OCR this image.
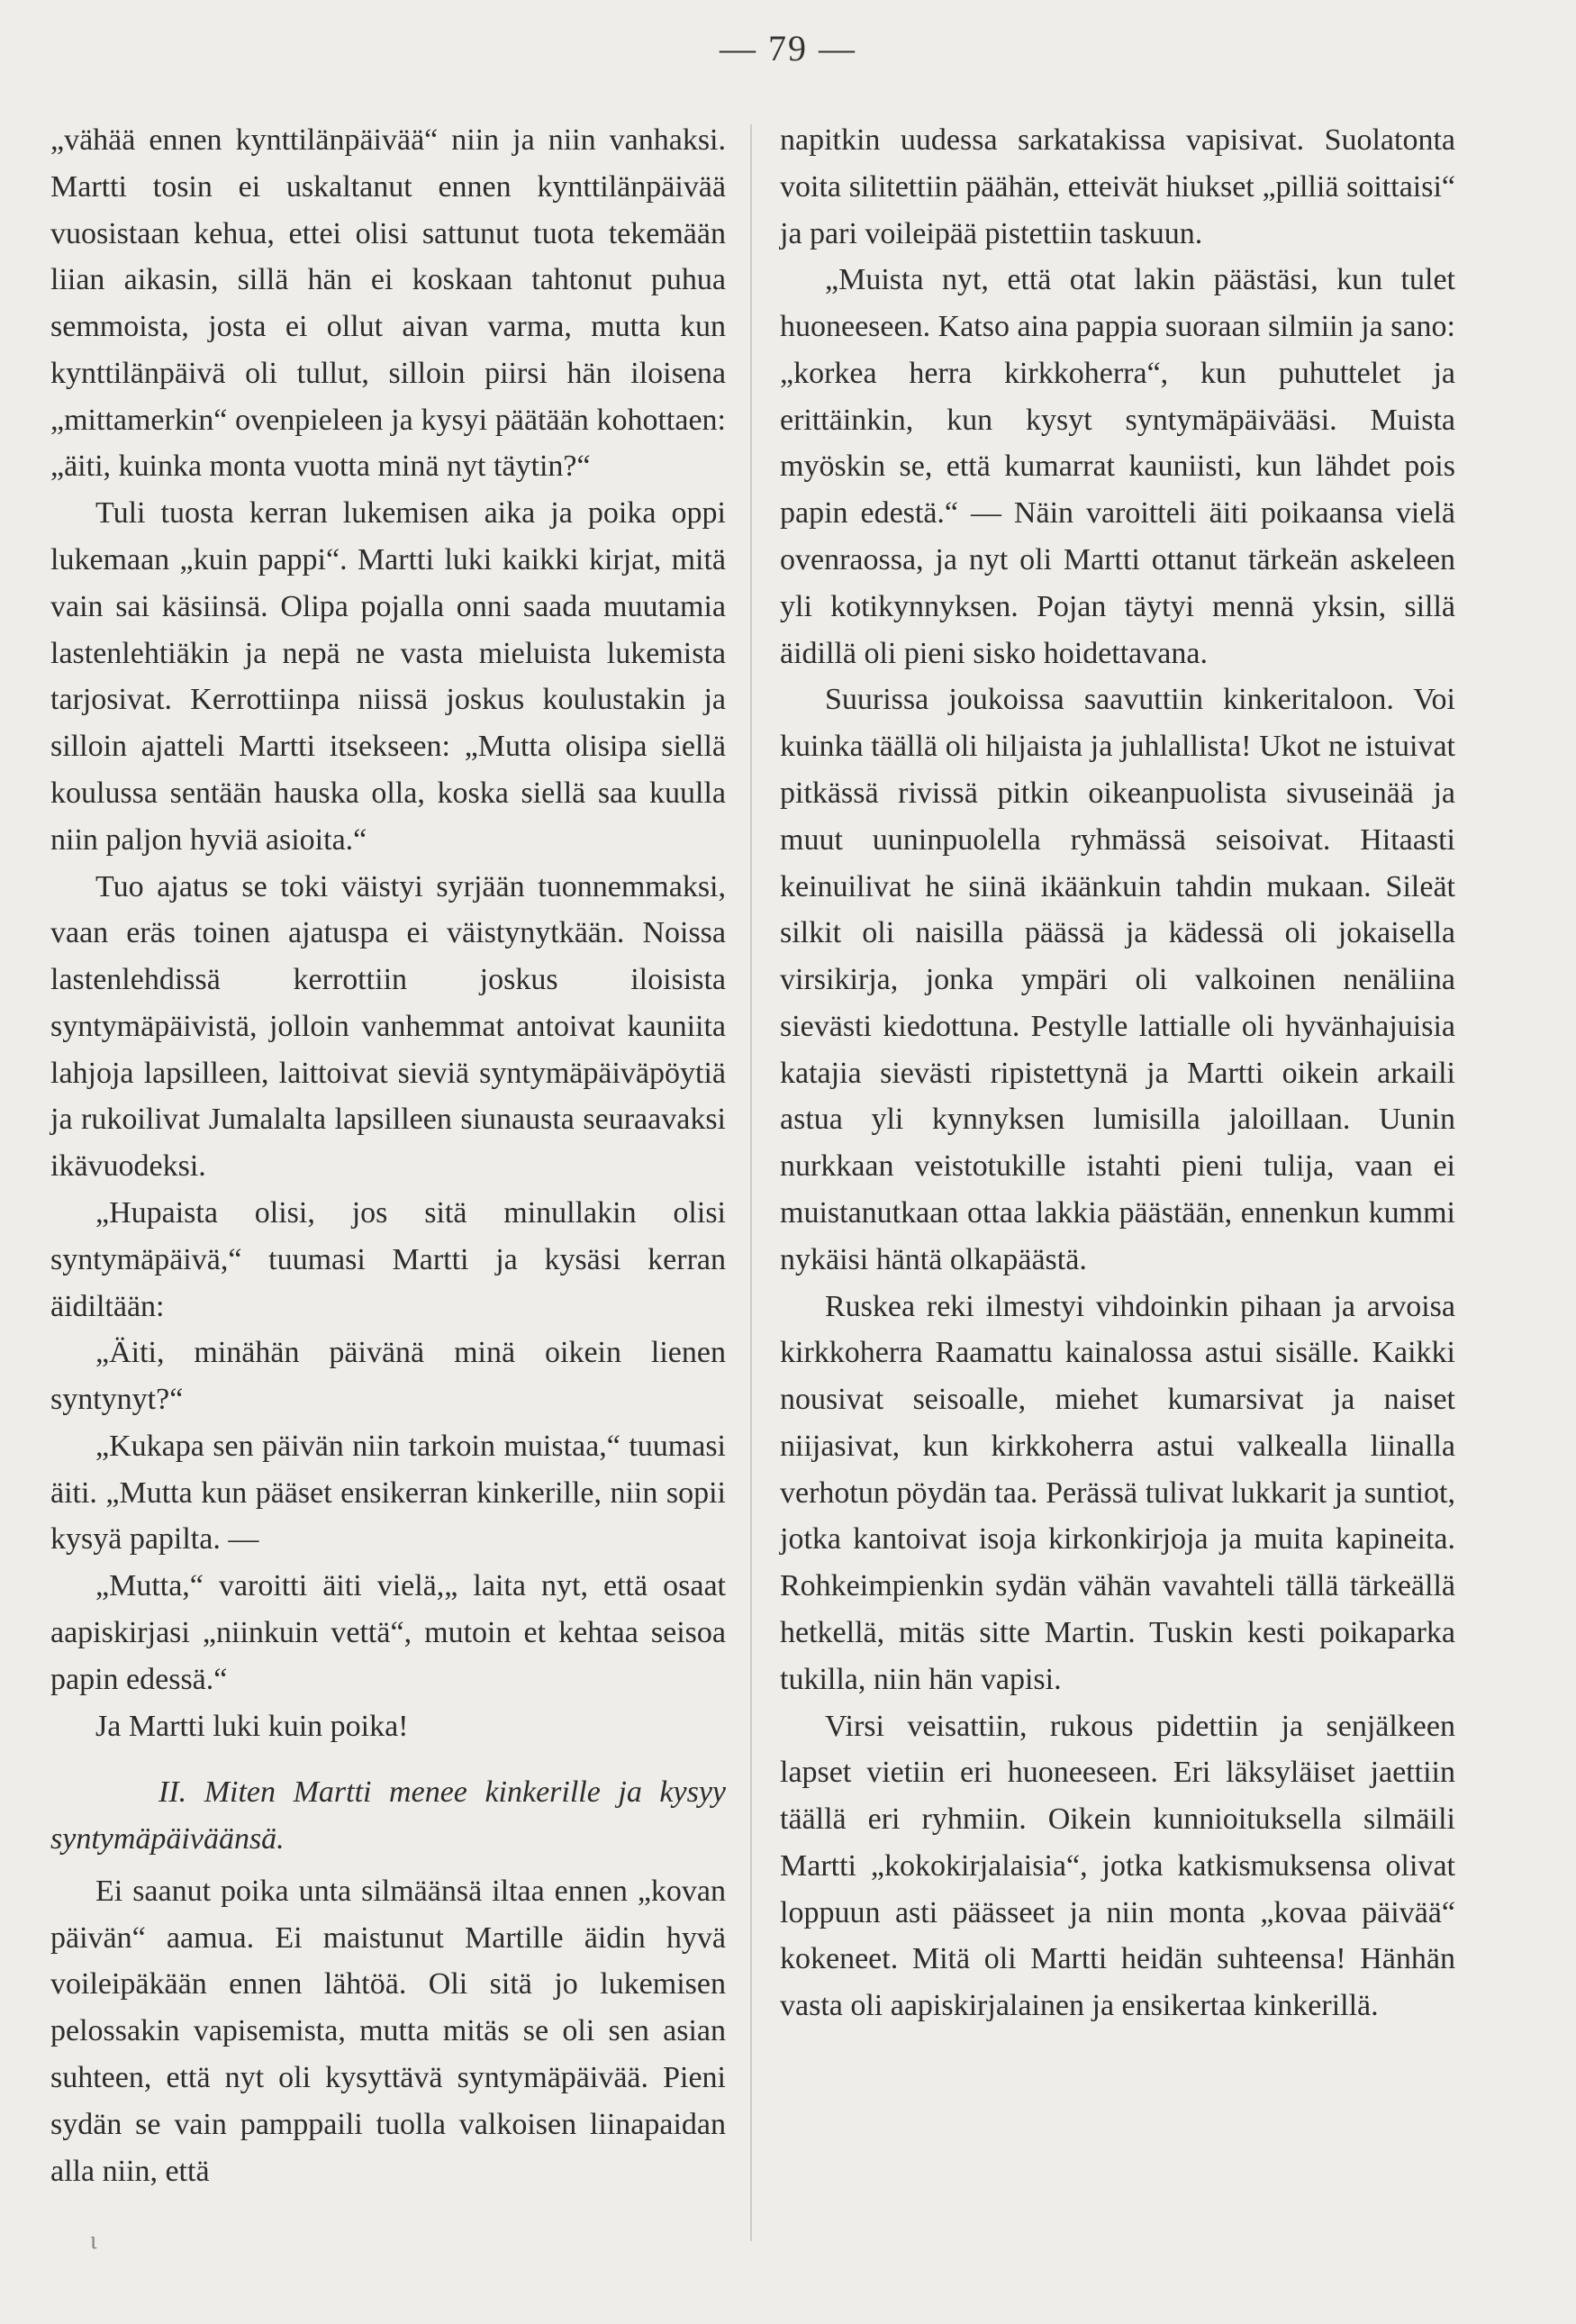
— 79 —

„vähää ennen kynttilänpäivää“ niin ja niin vanhaksi. Martti tosin ei uskaltanut ennen kynttilänpäivää vuosistaan kehua, ettei olisi sattunut tuota tekemään liian aikasin, sillä hän ei koskaan tahtonut puhua semmoista, josta ei ollut aivan varma, mutta kun kynttilänpäivä oli tullut, silloin piirsi hän iloisena „mittamerkin“ ovenpieleen ja kysyi päätään kohottaen: „äiti, kuinka monta vuotta minä nyt täytin?“

Tuli tuosta kerran lukemisen aika ja poika oppi lukemaan „kuin pappi“. Martti luki kaikki kirjat, mitä vain sai käsiinsä. Olipa pojalla onni saada muutamia lastenlehtiäkin ja nepä ne vasta mieluista lukemista tarjosivat. Kerrottiinpa niissä joskus koulustakin ja silloin ajatteli Martti itsekseen: „Mutta olisipa siellä koulussa sentään hauska olla, koska siellä saa kuulla niin paljon hyviä asioita.“

Tuo ajatus se toki väistyi syrjään tuonnemmaksi, vaan eräs toinen ajatuspa ei väistynytkään. Noissa lastenlehdissä kerrottiin joskus iloisista syntymäpäivistä, jolloin vanhemmat antoivat kauniita lahjoja lapsilleen, laittoivat sieviä syntymäpäiväpöytiä ja rukoilivat Jumalalta lapsilleen siunausta seuraavaksi ikävuodeksi.

„Hupaista olisi, jos sitä minullakin olisi syntymäpäivä,“ tuumasi Martti ja kysäsi kerran äidiltään:

„Äiti, minähän päivänä minä oikein lienen syntynyt?“

„Kukapa sen päivän niin tarkoin muistaa,“ tuumasi äiti. „Mutta kun pääset ensikerran kinkerille, niin sopii kysyä papilta. —

„Mutta,“ varoitti äiti vielä,„ laita nyt, että osaat aapiskirjasi „niinkuin vettä“, mutoin et kehtaa seisoa papin edessä.“

Ja Martti luki kuin poika!

II. Miten Martti menee kinkerille ja kysyy syntymäpäiväänsä.

Ei saanut poika unta silmäänsä iltaa ennen „kovan päivän“ aamua. Ei maistunut Martille äidin hyvä voileipäkään ennen lähtöä. Oli sitä jo lukemisen pelossakin vapisemista, mutta mitäs se oli sen asian suhteen, että nyt oli kysyttävä syntymäpäivää. Pieni sydän se vain pamppaili tuolla valkoisen liinapaidan alla niin, että

napitkin uudessa sarkatakissa vapisivat. Suolatonta voita silitettiin päähän, etteivät hiukset „pilliä soittaisi“ ja pari voileipää pistettiin taskuun.

„Muista nyt, että otat lakin päästäsi, kun tulet huoneeseen. Katso aina pappia suoraan silmiin ja sano: „korkea herra kirkkoherra“, kun puhuttelet ja erittäinkin, kun kysyt syntymäpäivääsi. Muista myöskin se, että kumarrat kauniisti, kun lähdet pois papin edestä.“ — Näin varoitteli äiti poikaansa vielä ovenraossa, ja nyt oli Martti ottanut tärkeän askeleen yli kotikynnyksen. Pojan täytyi mennä yksin, sillä äidillä oli pieni sisko hoidettavana.

Suurissa joukoissa saavuttiin kinkeritaloon. Voi kuinka täällä oli hiljaista ja juhlallista! Ukot ne istuivat pitkässä rivissä pitkin oikeanpuolista sivuseinää ja muut uuninpuolella ryhmässä seisoivat. Hitaasti keinuilivat he siinä ikäänkuin tahdin mukaan. Sileät silkit oli naisilla päässä ja kädessä oli jokaisella virsikirja, jonka ympäri oli valkoinen nenäliina sievästi kiedottuna. Pestylle lattialle oli hyvänhajuisia katajia sievästi ripistettynä ja Martti oikein arkaili astua yli kynnyksen lumisilla jaloillaan. Uunin nurkkaan veistotukille istahti pieni tulija, vaan ei muistanutkaan ottaa lakkia päästään, ennenkun kummi nykäisi häntä olkapäästä.

Ruskea reki ilmestyi vihdoinkin pihaan ja arvoisa kirkkoherra Raamattu kainalossa astui sisälle. Kaikki nousivat seisoalle, miehet kumarsivat ja naiset niijasivat, kun kirkkoherra astui valkealla liinalla verhotun pöydän taa. Perässä tulivat lukkarit ja suntiot, jotka kantoivat isoja kirkonkirjoja ja muita kapineita. Rohkeimpienkin sydän vähän vavahteli tällä tärkeällä hetkellä, mitäs sitte Martin. Tuskin kesti poikaparka tukilla, niin hän vapisi.

Virsi veisattiin, rukous pidettiin ja senjälkeen lapset vietiin eri huoneeseen. Eri läksyläiset jaettiin täällä eri ryhmiin. Oikein kunnioituksella silmäili Martti „kokokirjalaisia“, jotka katkismuksensa olivat loppuun asti päässeet ja niin monta „kovaa päivää“ kokeneet. Mitä oli Martti heidän suhteensa! Hänhän vasta oli aapiskirjalainen ja ensikertaa kinkerillä.

ι
